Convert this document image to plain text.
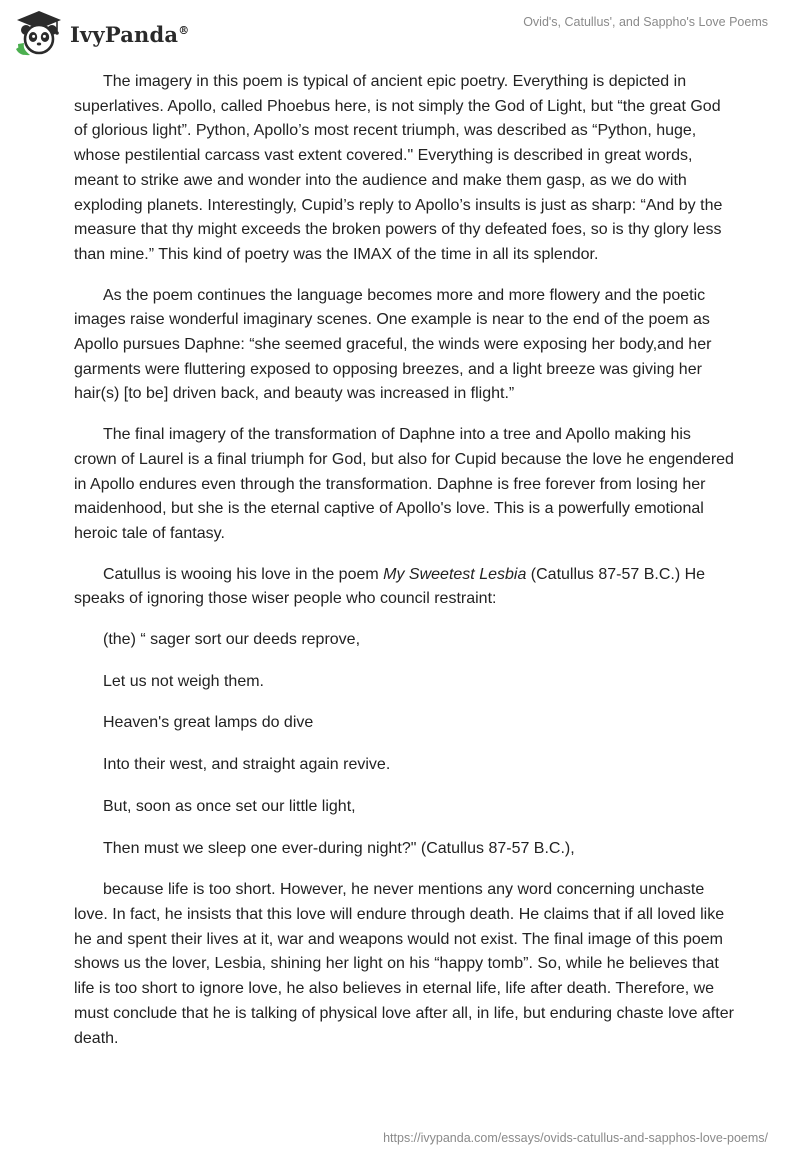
IvyPanda®
Ovid's, Catullus', and Sappho's Love Poems

The imagery in this poem is typical of ancient epic poetry. Everything is depicted in superlatives. Apollo, called Phoebus here, is not simply the God of Light, but “the great God of glorious light”. Python, Apollo’s most recent triumph, was described as “Python, huge, whose pestilential carcass vast extent covered." Everything is described in great words, meant to strike awe and wonder into the audience and make them gasp, as we do with exploding planets. Interestingly, Cupid’s reply to Apollo’s insults is just as sharp: “And by the measure that thy might exceeds the broken powers of thy defeated foes, so is thy glory less than mine.” This kind of poetry was the IMAX of the time in all its splendor.

As the poem continues the language becomes more and more flowery and the poetic images raise wonderful imaginary scenes. One example is near to the end of the poem as Apollo pursues Daphne: “she seemed graceful, the winds were exposing her body,and her garments were fluttering exposed to opposing breezes, and a light breeze was giving her hair(s) [to be] driven back, and beauty was increased in flight.”

The final imagery of the transformation of Daphne into a tree and Apollo making his crown of Laurel is a final triumph for God, but also for Cupid because the love he engendered in Apollo endures even through the transformation. Daphne is free forever from losing her maidenhood, but she is the eternal captive of Apollo's love. This is a powerfully emotional heroic tale of fantasy.

Catullus is wooing his love in the poem My Sweetest Lesbia (Catullus 87-57 B.C.) He speaks of ignoring those wiser people who council restraint:

(the) “ sager sort our deeds reprove,

Let us not weigh them.

Heaven's great lamps do dive

Into their west, and straight again revive.

But, soon as once set our little light,

Then must we sleep one ever-during night?" (Catullus 87-57 B.C.),

because life is too short. However, he never mentions any word concerning unchaste love. In fact, he insists that this love will endure through death. He claims that if all loved like he and spent their lives at it, war and weapons would not exist. The final image of this poem shows us the lover, Lesbia, shining her light on his “happy tomb”. So, while he believes that life is too short to ignore love, he also believes in eternal life, life after death. Therefore, we must conclude that he is talking of physical love after all, in life, but enduring chaste love after death.

https://ivypanda.com/essays/ovids-catullus-and-sapphos-love-poems/
